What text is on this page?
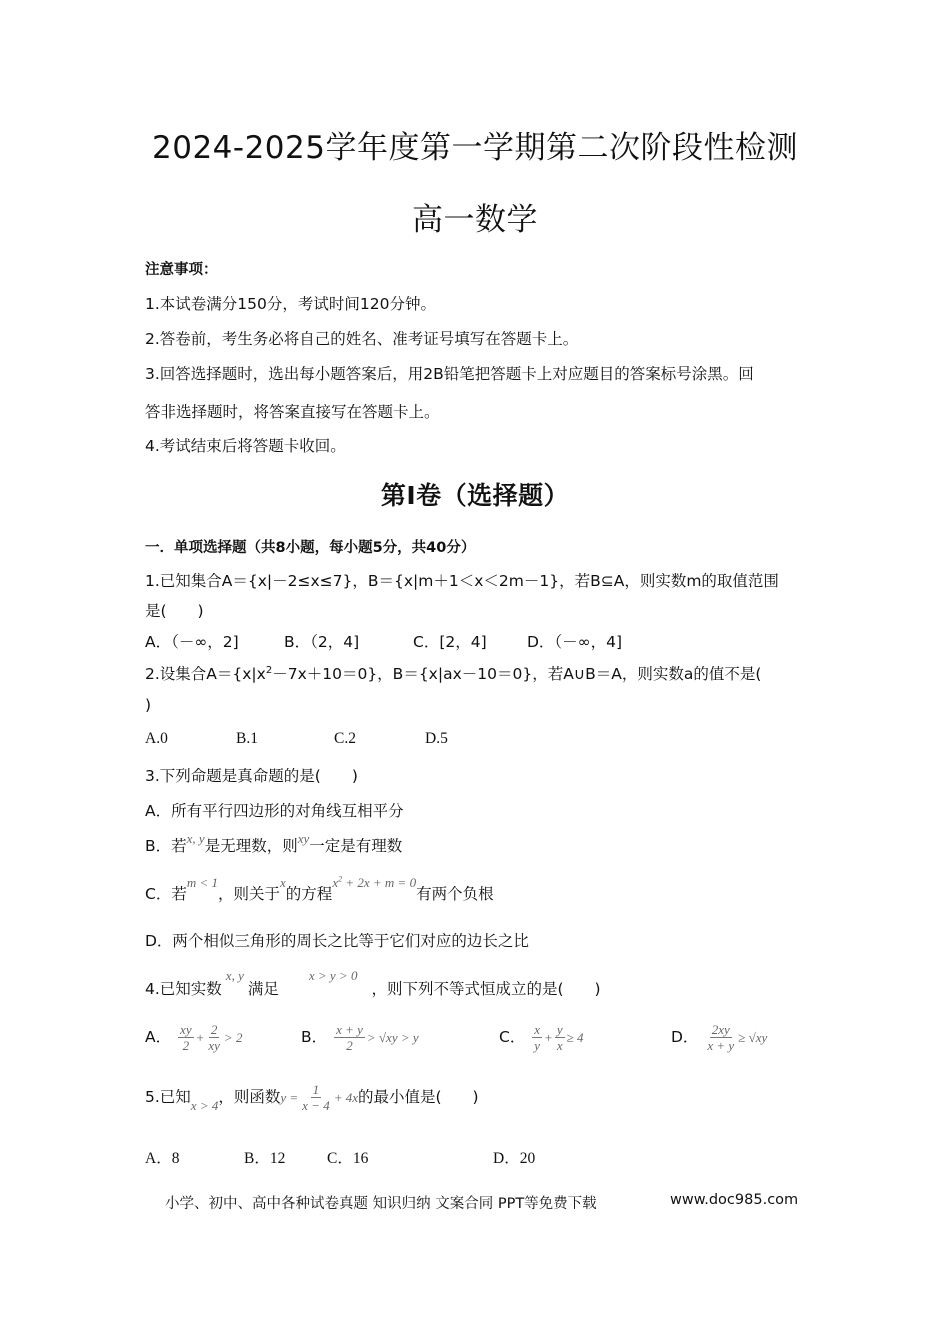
2024-2025学年度第一学期第二次阶段性检测
高一数学
注意事项：
1.本试卷满分150分，考试时间120分钟。
2.答卷前，考生务必将自己的姓名、准考证号填写在答题卡上。
3.回答选择题时，选出每小题答案后，用2B铅笔把答题卡上对应题目的答案标号涂黑。回
答非选择题时，将答案直接写在答题卡上。
4.考试结束后将答题卡收回。
第I卷（选择题）
一．单项选择题（共8小题，每小题5分，共40分）
1.已知集合A＝{x|－2≤x≤7}，B＝{x|m＋1＜x＜2m－1}，若B⊆A，则实数m的取值范围
是(　　)
A．（－∞，2]	B．（2，4]	C．[2，4]	D．（－∞，4]
2.设集合$A=\{x|x^2-7x+10=0\}$，B＝{x|ax－10＝0}，若A∪B＝A，则实数a的值不是(
)
A.0	B.1	C.2	D.5
3.下列命题是真命题的是(　　)
A．所有平行四边形的对角线互相平分
B．若$^{x, y}$是无理数，则$^{xy}$一定是有理数
C．若$^{m < 1}$，则关于$^x$的方程$^{x^2 + 2x + m = 0}$有两个负根
D．两个相似三角形的周长之比等于它们对应的边长之比
4.已知实数$^{x, y}$满足$^{x > y > 0}$，则下列不等式恒成立的是(　　)
A． $\frac{xy}{2} + \frac{2}{xy} > 2$	B． $\frac{x + y}{2} > √xy > y$	C． $\frac{x}{y} + \frac{y}{x} \ge 4$	D． $\frac{2xy}{x + y} \ge √xy$
5.已知$_{x > 4}$，则函数$y = \frac{1}{x - 4} + 4x$的最小值是(　　)
A．8	B．12	C．16	D．20
小学、初中、高中各种试卷真题 知识归纳 文案合同 PPT等免费下载	www.doc985.com
